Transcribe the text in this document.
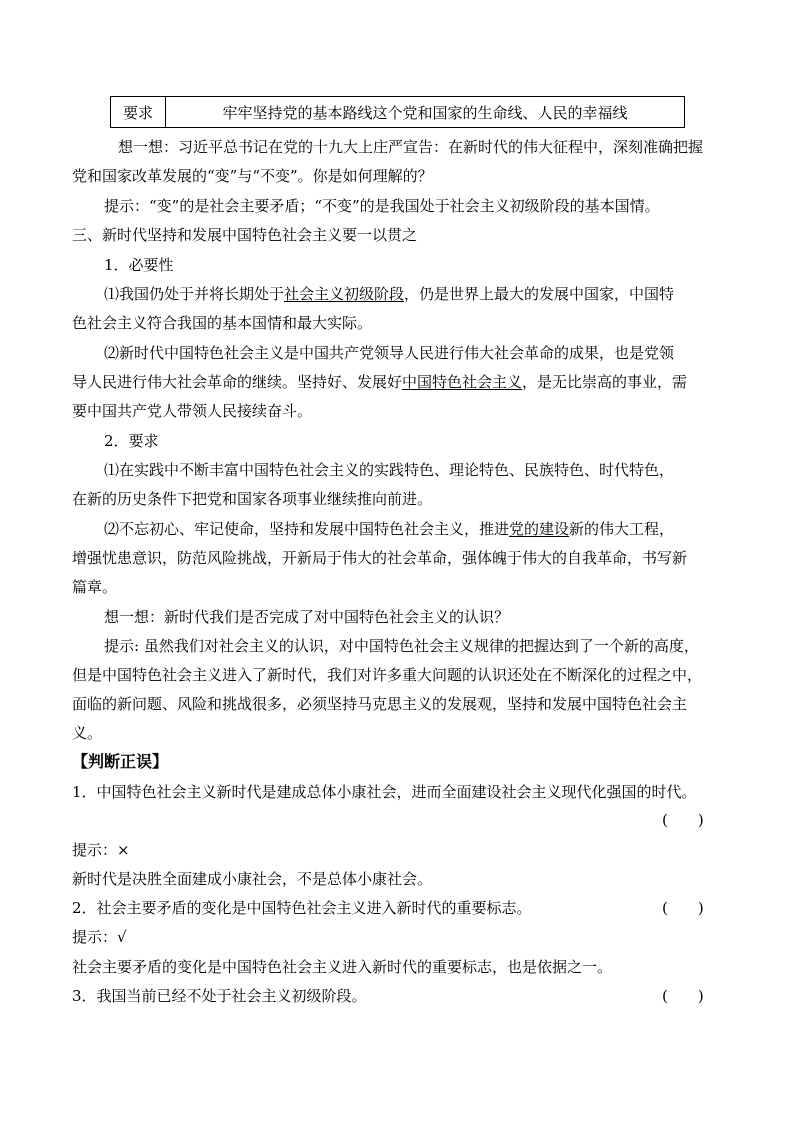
要求	牢牢坚持党的基本路线这个党和国家的生命线、人民的幸福线
想一想：习近平总书记在党的十九大上庄严宣告：在新时代的伟大征程中，深刻准确把握
党和国家改革发展的“变”与“不变”。你是如何理解的？
提示：“变”的是社会主要矛盾；“不变”的是我国处于社会主义初级阶段的基本国情。
三、新时代坚持和发展中国特色社会主义要一以贯之
1．必要性
⑴我国仍处于并将长期处于社会主义初级阶段，仍是世界上最大的发展中国家，中国特
色社会主义符合我国的基本国情和最大实际。
⑵新时代中国特色社会主义是中国共产党领导人民进行伟大社会革命的成果，也是党领
导人民进行伟大社会革命的继续。坚持好、发展好中国特色社会主义，是无比崇高的事业，需
要中国共产党人带领人民接续奋斗。
2．要求
⑴在实践中不断丰富中国特色社会主义的实践特色、理论特色、民族特色、时代特色，
在新的历史条件下把党和国家各项事业继续推向前进。
⑵不忘初心、牢记使命，坚持和发展中国特色社会主义，推进党的建设新的伟大工程，
增强忧患意识，防范风险挑战，开新局于伟大的社会革命，强体魄于伟大的自我革命，书写新
篇章。
想一想：新时代我们是否完成了对中国特色社会主义的认识？
提示: 虽然我们对社会主义的认识，对中国特色社会主义规律的把握达到了一个新的高度，
但是中国特色社会主义进入了新时代，我们对许多重大问题的认识还处在不断深化的过程之中，
面临的新问题、风险和挑战很多，必须坚持马克思主义的发展观，坚持和发展中国特色社会主
义。
【判断正误】
1．中国特色社会主义新时代是建成总体小康社会，进而全面建设社会主义现代化强国的时代。
(　　)
提示：×
新时代是决胜全面建成小康社会，不是总体小康社会。
2．社会主要矛盾的变化是中国特色社会主义进入新时代的重要标志。	(　　)
提示：√
社会主要矛盾的变化是中国特色社会主义进入新时代的重要标志，也是依据之一。
3．我国当前已经不处于社会主义初级阶段。	(　　)
